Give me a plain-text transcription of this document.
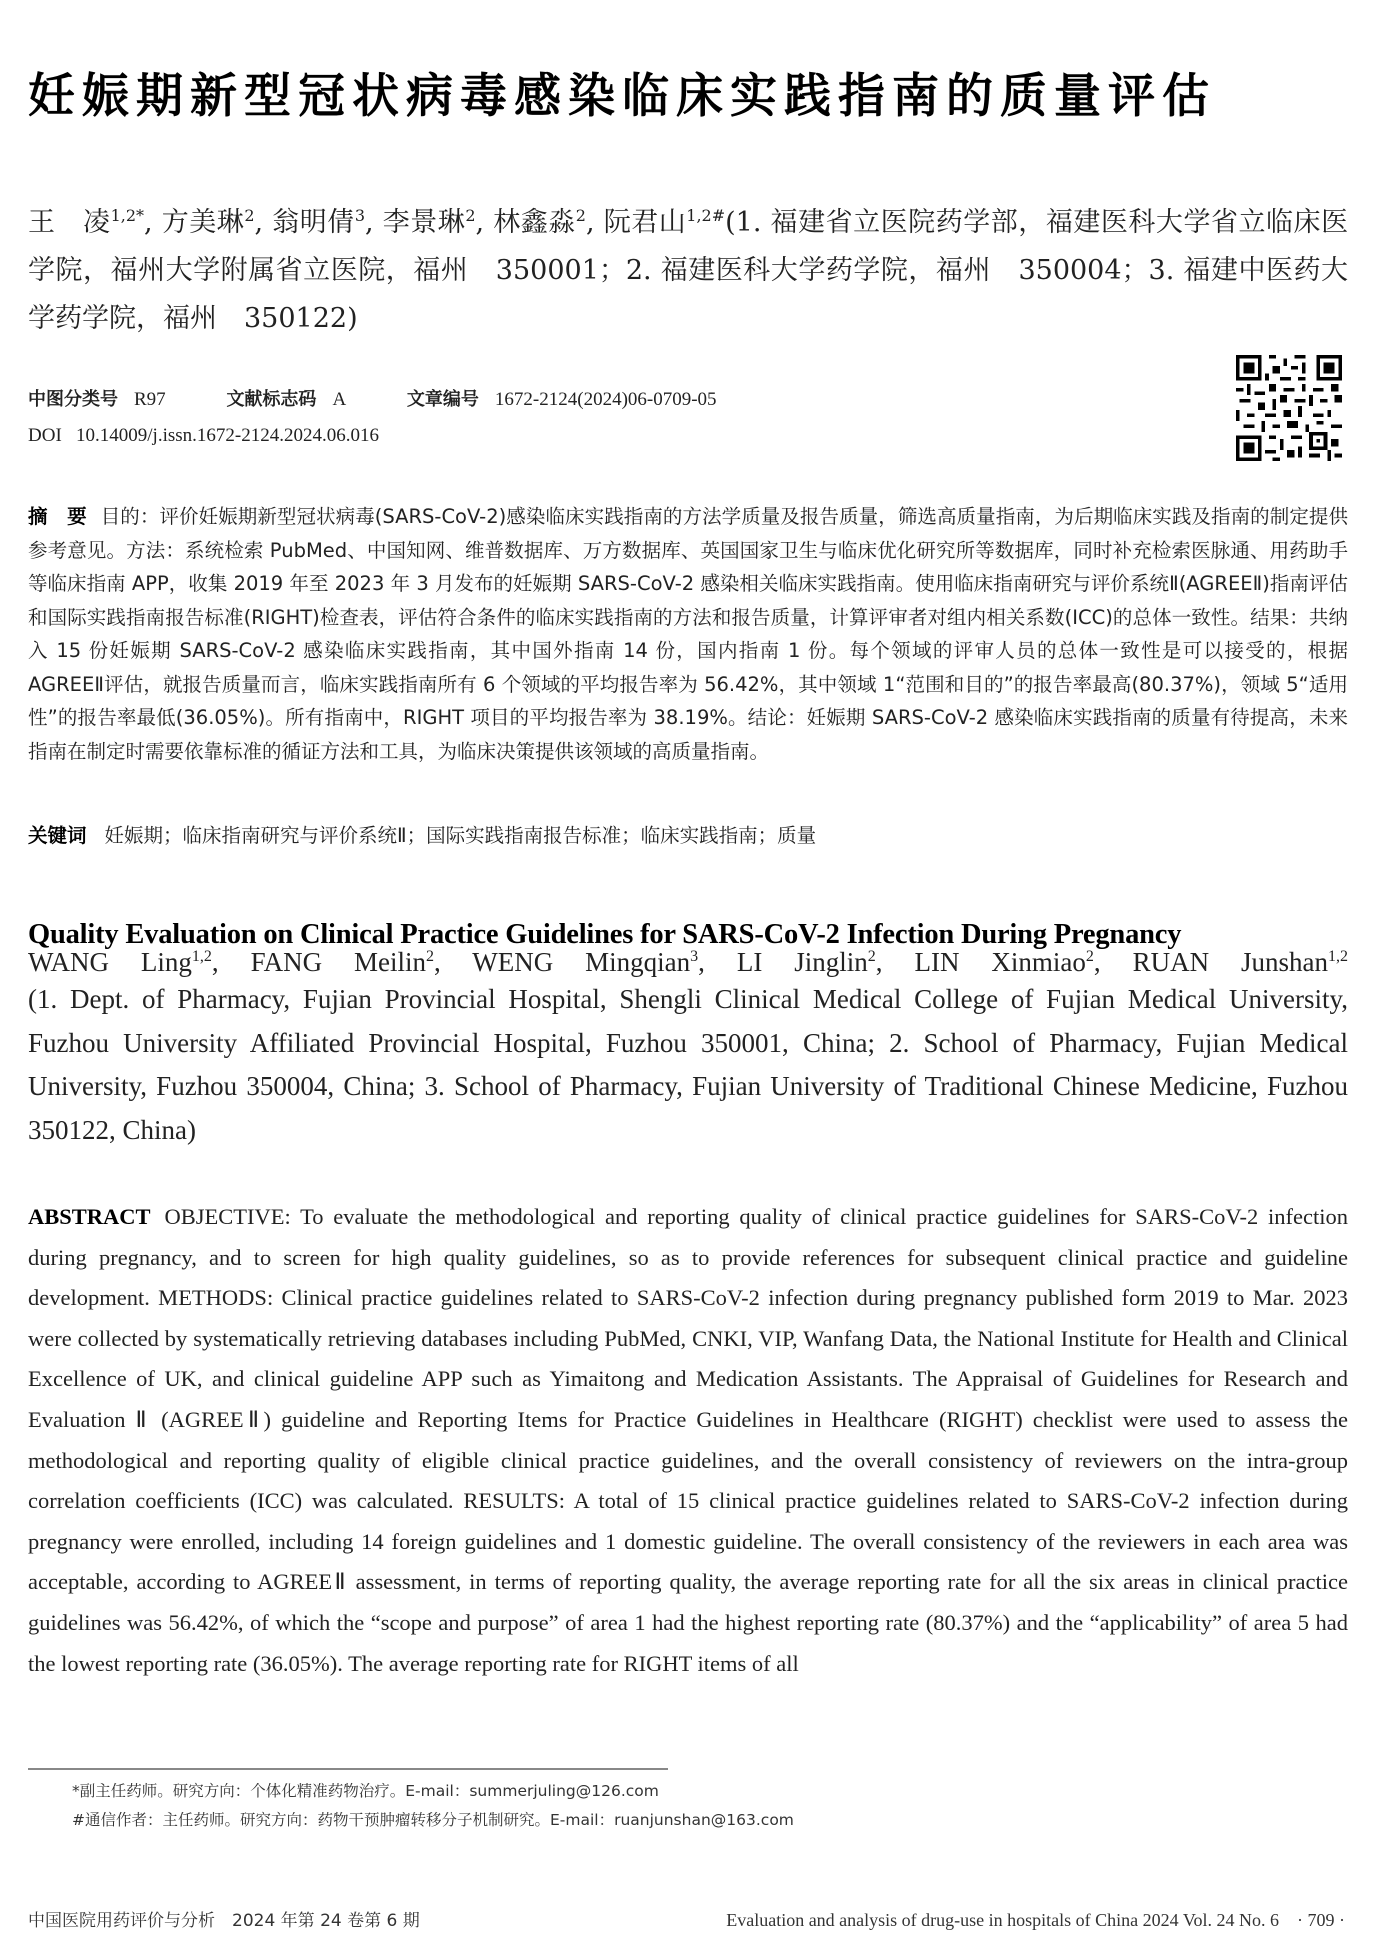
妊娠期新型冠状病毒感染临床实践指南的质量评估
王　凌$^{1,2*}$, 方美琳$^2$, 翁明倩$^3$, 李景琳$^2$, 林鑫淼$^2$, 阮君山$^{1,2\#}$(1. 福建省立医院药学部，福建医科大学省立临床医学院，福州大学附属省立医院，福州　350001；2. 福建医科大学药学院，福州　350004；3. 福建中医药大学药学院，福州　350122)
中图分类号 R97	文献标志码 A	文章编号 1672-2124(2024)06-0709-05
DOI 10.14009/j.issn.1672-2124.2024.06.016
摘　要 目的：评价妊娠期新型冠状病毒(SARS-CoV-2)感染临床实践指南的方法学质量及报告质量，筛选高质量指南，为后期临床实践及指南的制定提供参考意见。方法：系统检索 PubMed、中国知网、维普数据库、万方数据库、英国国家卫生与临床优化研究所等数据库，同时补充检索医脉通、用药助手等临床指南 APP，收集 2019 年至 2023 年 3 月发布的妊娠期 SARS-CoV-2 感染相关临床实践指南。使用临床指南研究与评价系统Ⅱ(AGREEⅡ)指南评估和国际实践指南报告标准(RIGHT)检查表，评估符合条件的临床实践指南的方法和报告质量，计算评审者对组内相关系数(ICC)的总体一致性。结果：共纳入 15 份妊娠期 SARS-CoV-2 感染临床实践指南，其中国外指南 14 份，国内指南 1 份。每个领域的评审人员的总体一致性是可以接受的，根据 AGREEⅡ评估，就报告质量而言，临床实践指南所有 6 个领域的平均报告率为 56.42%，其中领域 1“范围和目的”的报告率最高(80.37%)，领域 5“适用性”的报告率最低(36.05%)。所有指南中，RIGHT 项目的平均报告率为 38.19%。结论：妊娠期 SARS-CoV-2 感染临床实践指南的质量有待提高，未来指南在制定时需要依靠标准的循证方法和工具，为临床决策提供该领域的高质量指南。
关键词 妊娠期；临床指南研究与评价系统Ⅱ；国际实践指南报告标准；临床实践指南；质量
Quality Evaluation on Clinical Practice Guidelines for SARS-CoV-2 Infection During Pregnancy
WANG Ling$^{1,2}$, FANG Meilin$^2$, WENG Mingqian$^3$, LI Jinglin$^2$, LIN Xinmiao$^2$, RUAN Junshan$^{1,2}$
(1. Dept. of Pharmacy, Fujian Provincial Hospital, Shengli Clinical Medical College of Fujian Medical University, Fuzhou University Affiliated Provincial Hospital, Fuzhou 350001, China; 2. School of Pharmacy, Fujian Medical University, Fuzhou 350004, China; 3. School of Pharmacy, Fujian University of Traditional Chinese Medicine, Fuzhou 350122, China)
ABSTRACT OBJECTIVE: To evaluate the methodological and reporting quality of clinical practice guidelines for SARS-CoV-2 infection during pregnancy, and to screen for high quality guidelines, so as to provide references for subsequent clinical practice and guideline development. METHODS: Clinical practice guidelines related to SARS-CoV-2 infection during pregnancy published form 2019 to Mar. 2023 were collected by systematically retrieving databases including PubMed, CNKI, VIP, Wanfang Data, the National Institute for Health and Clinical Excellence of UK, and clinical guideline APP such as Yimaitong and Medication Assistants. The Appraisal of Guidelines for Research and Evaluation Ⅱ (AGREEⅡ) guideline and Reporting Items for Practice Guidelines in Healthcare (RIGHT) checklist were used to assess the methodological and reporting quality of eligible clinical practice guidelines, and the overall consistency of reviewers on the intra-group correlation coefficients (ICC) was calculated. RESULTS: A total of 15 clinical practice guidelines related to SARS-CoV-2 infection during pregnancy were enrolled, including 14 foreign guidelines and 1 domestic guideline. The overall consistency of the reviewers in each area was acceptable, according to AGREEⅡ assessment, in terms of reporting quality, the average reporting rate for all the six areas in clinical practice guidelines was 56.42%, of which the “scope and purpose” of area 1 had the highest reporting rate (80.37%) and the “applicability” of area 5 had the lowest reporting rate (36.05%). The average reporting rate for RIGHT items of all
*副主任药师。研究方向：个体化精准药物治疗。E-mail：summerjuling@126.com
#通信作者：主任药师。研究方向：药物干预肿瘤转移分子机制研究。E-mail：ruanjunshan@163.com
中国医院用药评价与分析　2024 年第 24 卷第 6 期	Evaluation and analysis of drug-use in hospitals of China 2024 Vol. 24 No. 6　· 709 ·
